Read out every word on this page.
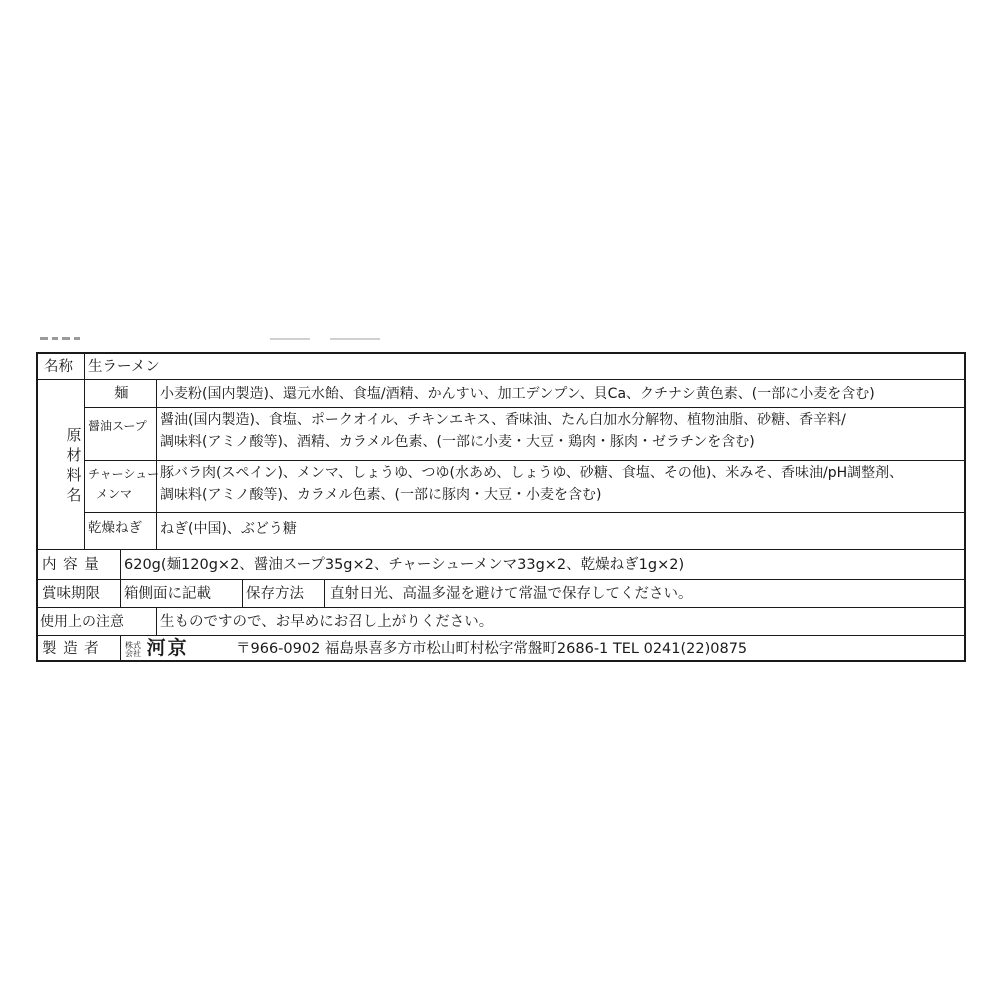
名称 生ラーメン
原
材
料
名
麺 小麦粉(国内製造)、還元水飴、食塩/酒精、かんすい、加工デンプン、貝Ca、クチナシ黄色素、(一部に小麦を含む)
醤油スープ 醤油(国内製造)、食塩、ポークオイル、チキンエキス、香味油、たん白加水分解物、植物油脂、砂糖、香辛料/
調味料(アミノ酸等)、酒精、カラメル色素、(一部に小麦・大豆・鶏肉・豚肉・ゼラチンを含む)
チャーシュー
メンマ
豚バラ肉(スペイン)、メンマ、しょうゆ、つゆ(水あめ、しょうゆ、砂糖、食塩、その他)、米みそ、香味油/pH調整剤、
調味料(アミノ酸等)、カラメル色素、(一部に豚肉・大豆・小麦を含む)
乾燥ねぎ ねぎ(中国)、ぶどう糖
内 容 量 620g(麺120g×2、醤油スープ35g×2、チャーシューメンマ33g×2、乾燥ねぎ1g×2)
賞味期限 箱側面に記載 保存方法 直射日光、高温多湿を避けて常温で保存してください。
使用上の注意 生ものですので、お早めにお召し上がりください。
製 造 者	株式
会社 河京	〒966-0902 福島県喜多方市松山町村松字常盤町2686-1 TEL 0241(22)0875
